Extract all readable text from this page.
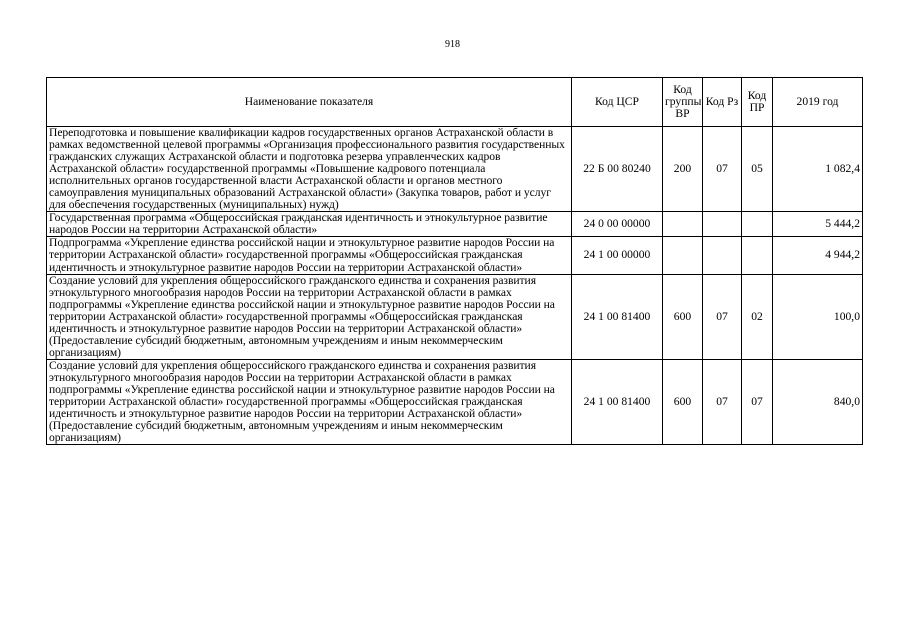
918
Наименование показателя	Код ЦСР	Код группы ВР	Код Рз	Код ПР	2019 год
Переподготовка и повышение квалификации кадров государственных органов Астраханской области в рамках ведомственной целевой программы «Организация профессионального развития государственных гражданских служащих Астраханской области и подготовка резерва управленческих кадров Астраханской области» государственной программы «Повышение кадрового потенциала исполнительных органов государственной власти Астраханской области и органов местного самоуправления муниципальных образований Астраханской области» (Закупка товаров, работ и услуг для обеспечения государственных (муниципальных) нужд)	22 Б 00 80240	200	07	05	1 082,4
Государственная программа «Общероссийская гражданская идентичность и этнокультурное развитие народов России на территории Астраханской области»	24 0 00 00000				5 444,2
Подпрограмма «Укрепление единства российской нации и этнокультурное развитие народов России на территории Астраханской области» государственной программы «Общероссийская гражданская идентичность и этнокультурное развитие народов России на территории Астраханской области»	24 1 00 00000				4 944,2
Создание условий для укрепления общероссийского гражданского единства и сохранения развития этнокультурного многообразия народов России на территории Астраханской области в рамках подпрограммы «Укрепление единства российской нации и этнокультурное развитие народов России на территории Астраханской области» государственной программы «Общероссийская гражданская идентичность и этнокультурное развитие народов России на территории Астраханской области» (Предоставление субсидий бюджетным, автономным учреждениям и иным некоммерческим организациям)	24 1 00 81400	600	07	02	100,0
Создание условий для укрепления общероссийского гражданского единства и сохранения развития этнокультурного многообразия народов России на территории Астраханской области в рамках подпрограммы «Укрепление единства российской нации и этнокультурное развитие народов России на территории Астраханской области» государственной программы «Общероссийская гражданская идентичность и этнокультурное развитие народов России на территории Астраханской области» (Предоставление субсидий бюджетным, автономным учреждениям и иным некоммерческим организациям)	24 1 00 81400	600	07	07	840,0
